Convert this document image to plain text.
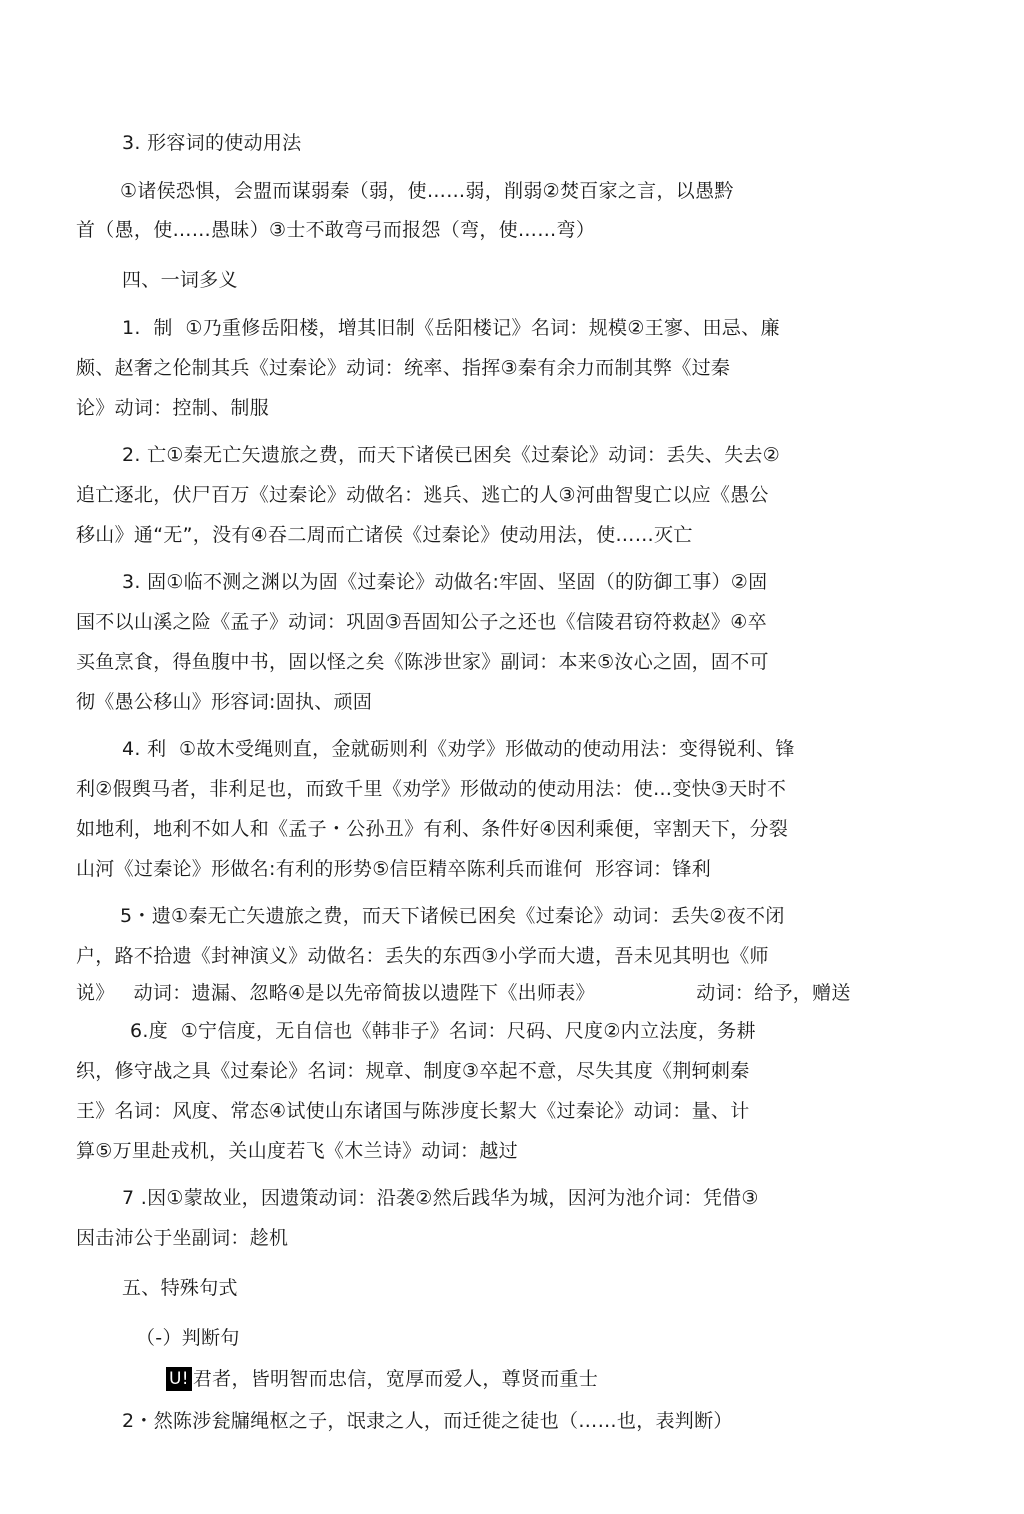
3. 形容词的使动用法
①诸侯恐惧，会盟而谋弱秦（弱，使……弱，削弱②焚百家之言，以愚黔
首（愚，使……愚昧）③士不敢弯弓而报怨（弯，使……弯）
四、一词多义
1.  制  ①乃重修岳阳楼，增其旧制《岳阳楼记》名词：规模②王寥、田忌、廉
颇、赵奢之伦制其兵《过秦论》动词：统率、指挥③秦有余力而制其弊《过秦
论》动词：控制、制服
2. 亡①秦无亡矢遗旅之费，而天下诸侯已困矣《过秦论》动词：丢失、失去②
追亡逐北，伏尸百万《过秦论》动做名：逃兵、逃亡的人③河曲智叟亡以应《愚公
移山》通“无”，没有④吞二周而亡诸侯《过秦论》使动用法，使……灭亡
3. 固①临不测之渊以为固《过秦论》动做名:牢固、坚固（的防御工事）②固
国不以山溪之险《孟子》动词：巩固③吾固知公子之还也《信陵君窃符救赵》④卒
买鱼烹食，得鱼腹中书，固以怪之矣《陈涉世家》副词：本来⑤汝心之固，固不可
彻《愚公移山》形容词:固执、顽固
4. 利  ①故木受绳则直，金就砺则利《劝学》形做动的使动用法：变得锐利、锋
利②假舆马者，非利足也，而致千里《劝学》形做动的使动用法：使…变快③天时不
如地利，地利不如人和《孟子・公孙丑》有利、条件好④因利乘便，宰割天下，分裂
山河《过秦论》形做名:有利的形势⑤信臣精卒陈利兵而谁何  形容词：锋利
5・遗①秦无亡矢遗旅之费，而天下诸候已困矣《过秦论》动词：丢失②夜不闭
户，路不拾遗《封神演义》动做名：丢失的东西③小学而大遗，吾未见其明也《师
说》   动词：遗漏、忽略④是以先帝简拔以遗陛下《出师表》                动词：给予，赠送
6.度  ①宁信度，无自信也《韩非子》名词：尺码、尺度②内立法度，务耕
织，修守战之具《过秦论》名词：规章、制度③卒起不意，尽失其度《荆轲刺秦
王》名词：风度、常态④试使山东诸国与陈涉度长絜大《过秦论》动词：量、计
算⑤万里赴戎机，关山度若飞《木兰诗》动词：越过
7 .因①蒙故业，因遗策动词：沿袭②然后践华为城，因河为池介词：凭借③
因击沛公于坐副词：趁机
五、特殊句式
（-）判断句
U! 君者，皆明智而忠信，宽厚而爱人，尊贤而重士
2・然陈涉瓮牖绳枢之子，氓隶之人，而迁徙之徒也（……也，表判断）
